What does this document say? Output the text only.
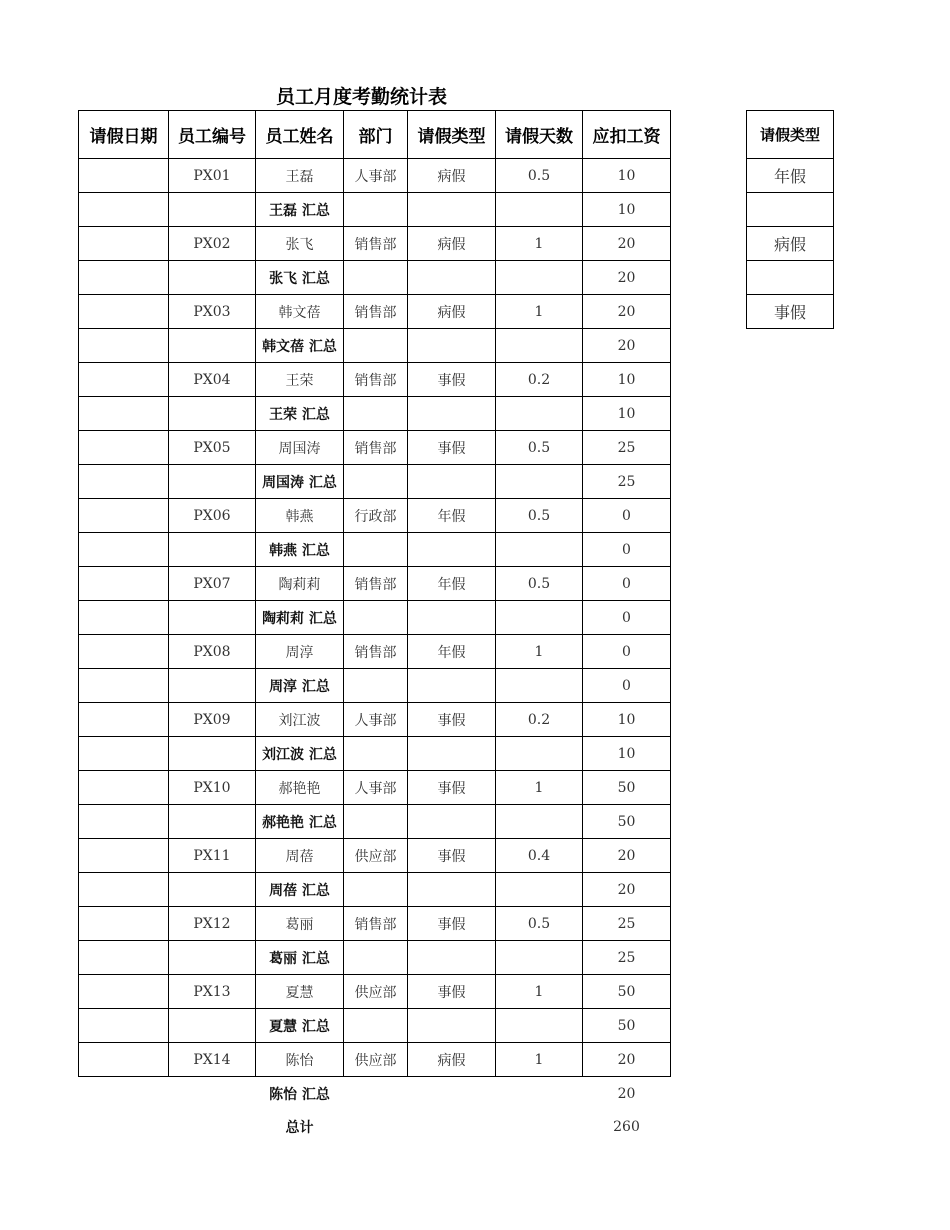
员工月度考勤统计表
请假日期	员工编号	员工姓名	部门	请假类型	请假天数	应扣工资
	PX01	王磊	人事部	病假	0.5	10
		王磊 汇总				10
	PX02	张飞	销售部	病假	1	20
		张飞 汇总				20
	PX03	韩文蓓	销售部	病假	1	20
		韩文蓓 汇总				20
	PX04	王荣	销售部	事假	0.2	10
		王荣 汇总				10
	PX05	周国涛	销售部	事假	0.5	25
		周国涛 汇总				25
	PX06	韩燕	行政部	年假	0.5	0
		韩燕 汇总				0
	PX07	陶莉莉	销售部	年假	0.5	0
		陶莉莉 汇总				0
	PX08	周淳	销售部	年假	1	0
		周淳 汇总				0
	PX09	刘江波	人事部	事假	0.2	10
		刘江波 汇总				10
	PX10	郝艳艳	人事部	事假	1	50
		郝艳艳 汇总				50
	PX11	周蓓	供应部	事假	0.4	20
		周蓓 汇总				20
	PX12	葛丽	销售部	事假	0.5	25
		葛丽 汇总				25
	PX13	夏慧	供应部	事假	1	50
		夏慧 汇总				50
	PX14	陈怡	供应部	病假	1	20
		陈怡 汇总				20
		总计				260
请假类型
年假

病假

事假
